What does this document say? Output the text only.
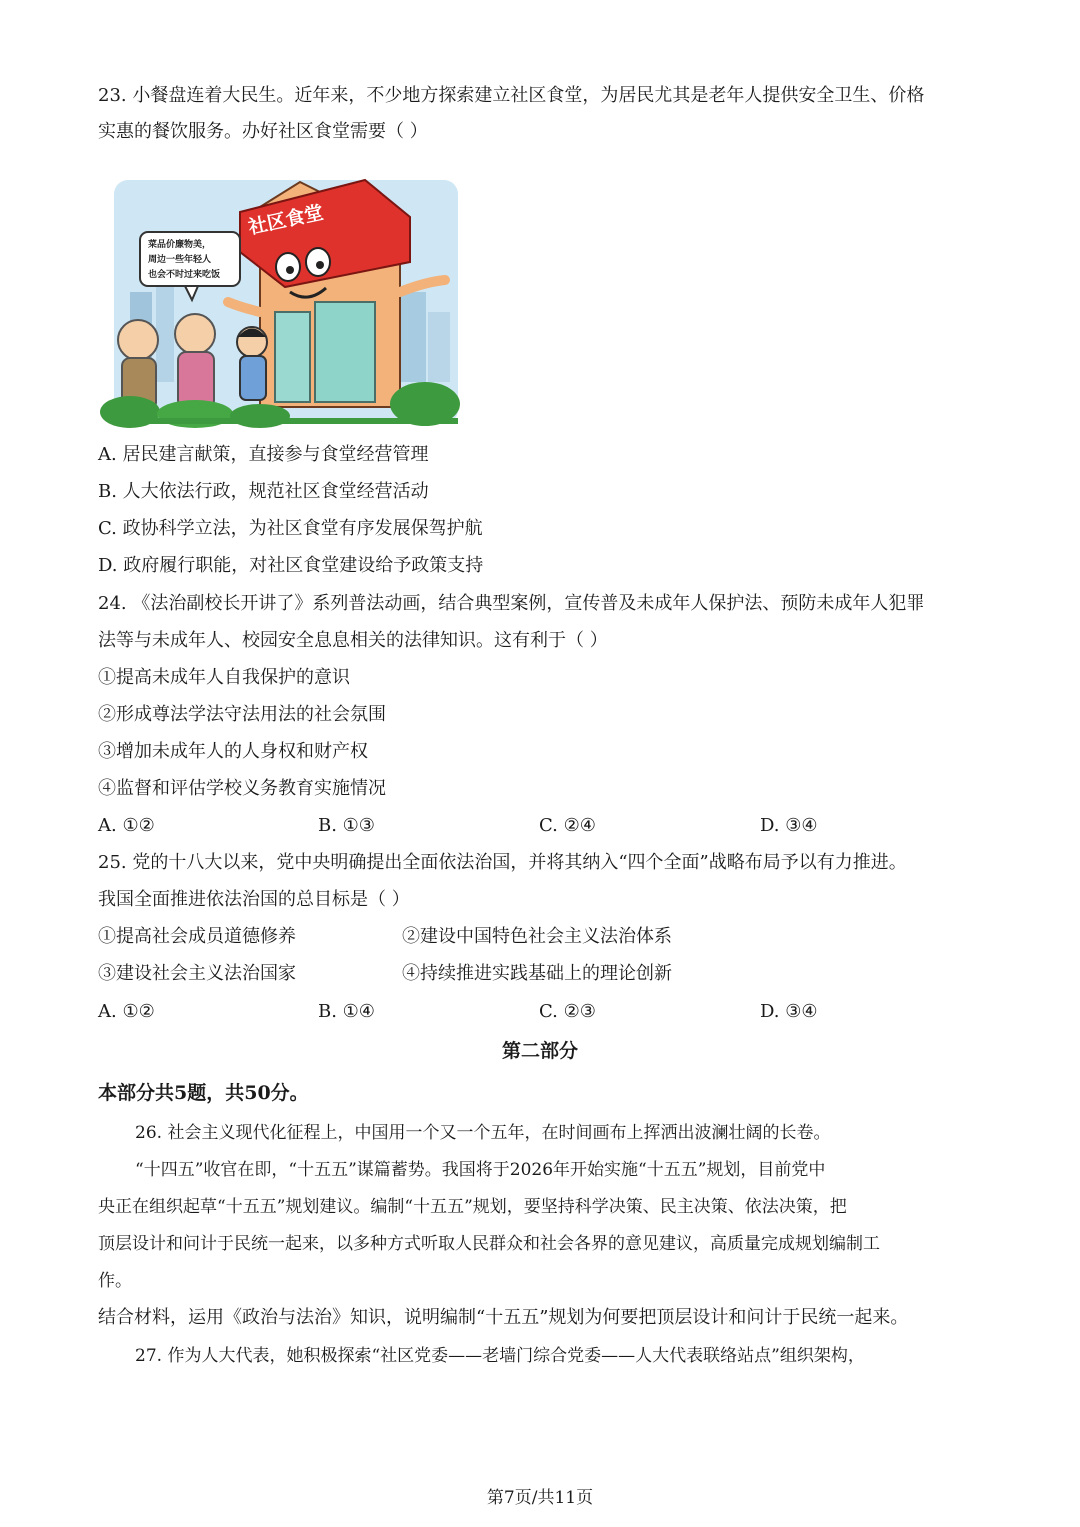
23. 小餐盘连着大民生。近年来，不少地方探索建立社区食堂，为居民尤其是老年人提供安全卫生、价格
实惠的餐饮服务。办好社区食堂需要（ ）
社区食堂
菜品价廉物美，
周边一些年轻人
也会不时过来吃饭
A. 居民建言献策，直接参与食堂经营管理
B. 人大依法行政，规范社区食堂经营活动
C. 政协科学立法，为社区食堂有序发展保驾护航
D. 政府履行职能，对社区食堂建设给予政策支持
24. 《法治副校长开讲了》系列普法动画，结合典型案例，宣传普及未成年人保护法、预防未成年人犯罪
法等与未成年人、校园安全息息相关的法律知识。这有利于（ ）
①提高未成年人自我保护的意识
②形成尊法学法守法用法的社会氛围
③增加未成年人的人身权和财产权
④监督和评估学校义务教育实施情况
A. ①②	B. ①③	C. ②④	D. ③④
25. 党的十八大以来，党中央明确提出全面依法治国，并将其纳入“四个全面”战略布局予以有力推进。
我国全面推进依法治国的总目标是（ ）
①提高社会成员道德修养	②建设中国特色社会主义法治体系
③建设社会主义法治国家	④持续推进实践基础上的理论创新
A. ①②	B. ①④	C. ②③	D. ③④
第二部分
本部分共5题，共50分。
26. 社会主义现代化征程上，中国用一个又一个五年，在时间画布上挥洒出波澜壮阔的长卷。
“十四五”收官在即，“十五五”谋篇蓄势。我国将于2026年开始实施“十五五”规划，目前党中
央正在组织起草“十五五”规划建议。编制“十五五”规划，要坚持科学决策、民主决策、依法决策，把
顶层设计和问计于民统一起来，以多种方式听取人民群众和社会各界的意见建议，高质量完成规划编制工
作。
结合材料，运用《政治与法治》知识，说明编制“十五五”规划为何要把顶层设计和问计于民统一起来。
27. 作为人大代表，她积极探索“社区党委——老墙门综合党委——人大代表联络站点”组织架构，
第7页/共11页
